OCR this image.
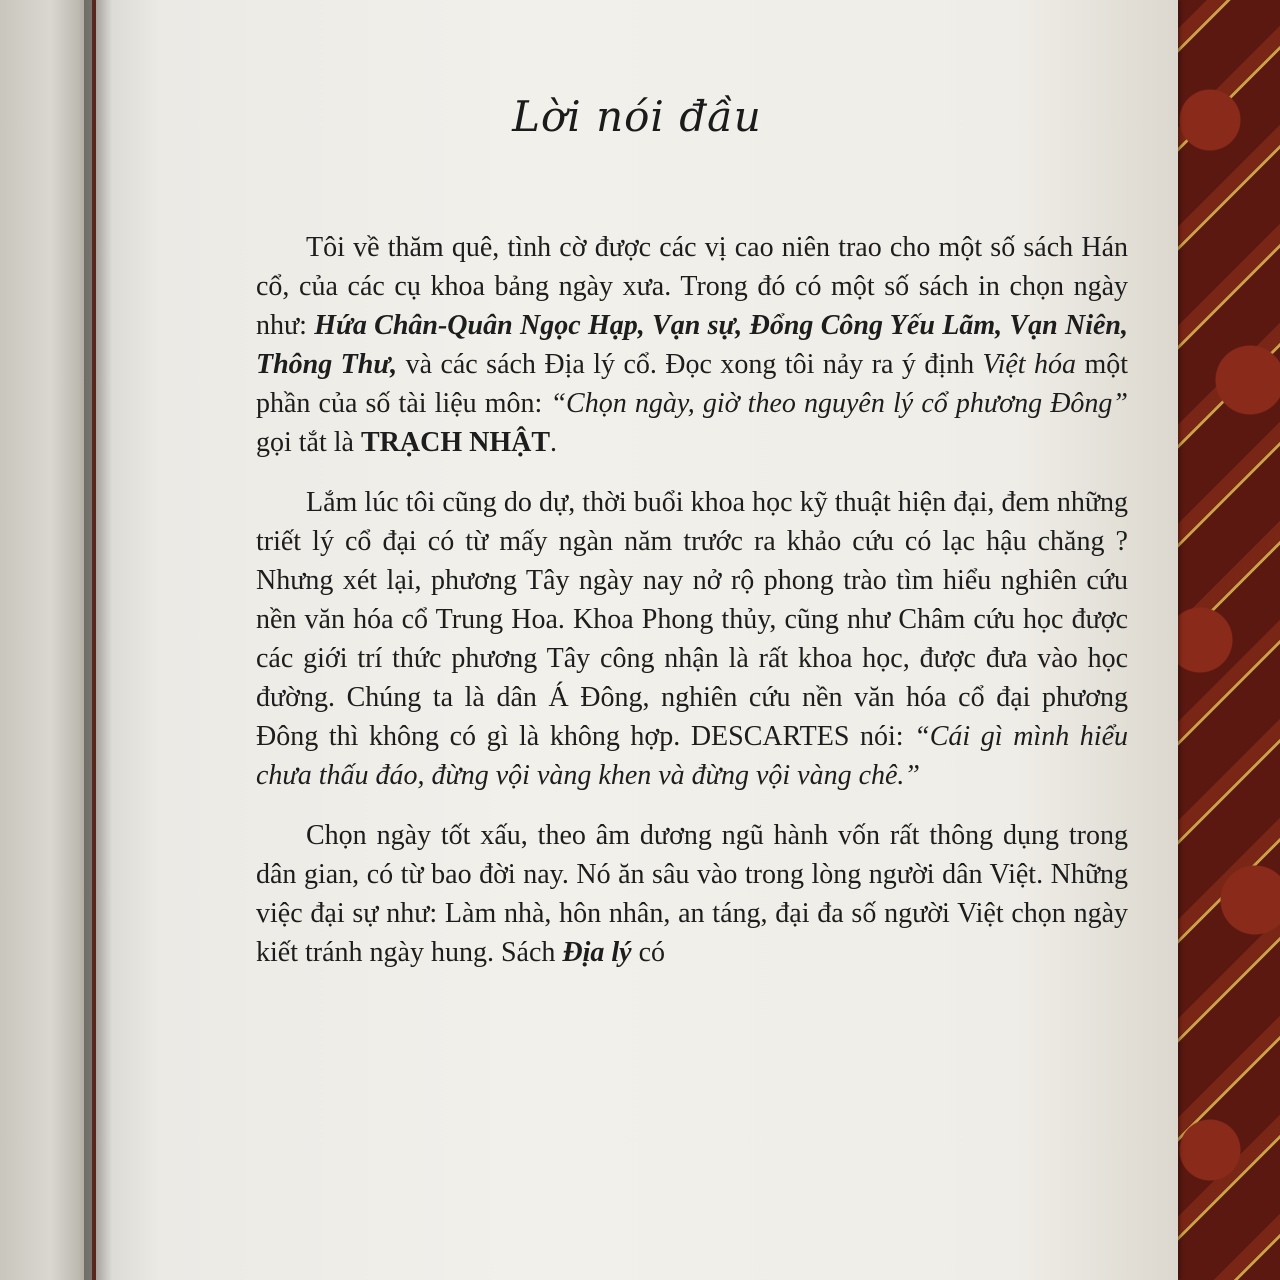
Lời nói đầu

Tôi về thăm quê, tình cờ được các vị cao niên trao cho một số sách Hán cổ, của các cụ khoa bảng ngày xưa. Trong đó có một số sách in chọn ngày như: Hứa Chân-Quân Ngọc Hạp, Vạn sự, Đổng Công Yếu Lãm, Vạn Niên, Thông Thư, và các sách Địa lý cổ. Đọc xong tôi nảy ra ý định Việt hóa một phần của số tài liệu môn: “Chọn ngày, giờ theo nguyên lý cổ phương Đông” gọi tắt là TRẠCH NHẬT.

Lắm lúc tôi cũng do dự, thời buổi khoa học kỹ thuật hiện đại, đem những triết lý cổ đại có từ mấy ngàn năm trước ra khảo cứu có lạc hậu chăng ? Nhưng xét lại, phương Tây ngày nay nở rộ phong trào tìm hiểu nghiên cứu nền văn hóa cổ Trung Hoa. Khoa Phong thủy, cũng như Châm cứu học được các giới trí thức phương Tây công nhận là rất khoa học, được đưa vào học đường. Chúng ta là dân Á Đông, nghiên cứu nền văn hóa cổ đại phương Đông thì không có gì là không hợp. DESCARTES nói: “Cái gì mình hiểu chưa thấu đáo, đừng vội vàng khen và đừng vội vàng chê.”

Chọn ngày tốt xấu, theo âm dương ngũ hành vốn rất thông dụng trong dân gian, có từ bao đời nay. Nó ăn sâu vào trong lòng người dân Việt. Những việc đại sự như: Làm nhà, hôn nhân, an táng, đại đa số người Việt chọn ngày kiết tránh ngày hung. Sách Địa lý có
